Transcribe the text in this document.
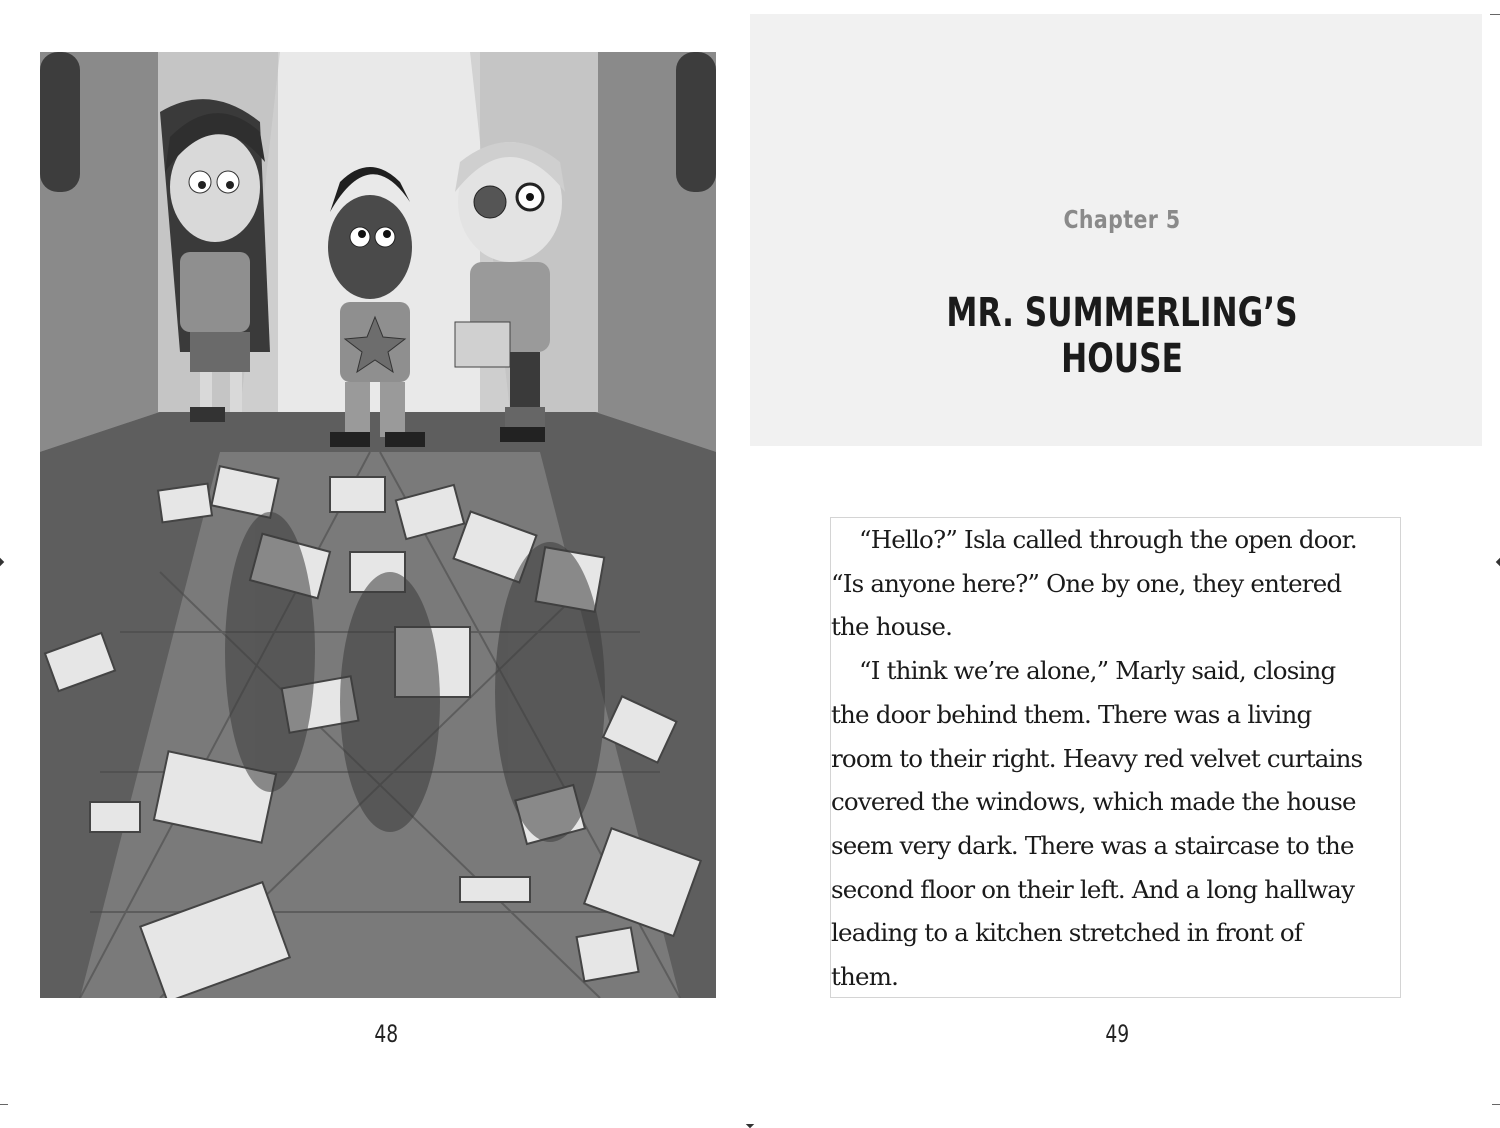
48
Chapter 5
MR. SUMMERLING’S
HOUSE

“Hello?” Isla called through the open door.
“Is anyone here?” One by one, they entered
the house.

“I think we’re alone,” Marly said, closing
the door behind them. There was a living
room to their right. Heavy red velvet curtains
covered the windows, which made the house
seem very dark. There was a staircase to the
second floor on their left. And a long hallway
leading to a kitchen stretched in front of
them.

49
